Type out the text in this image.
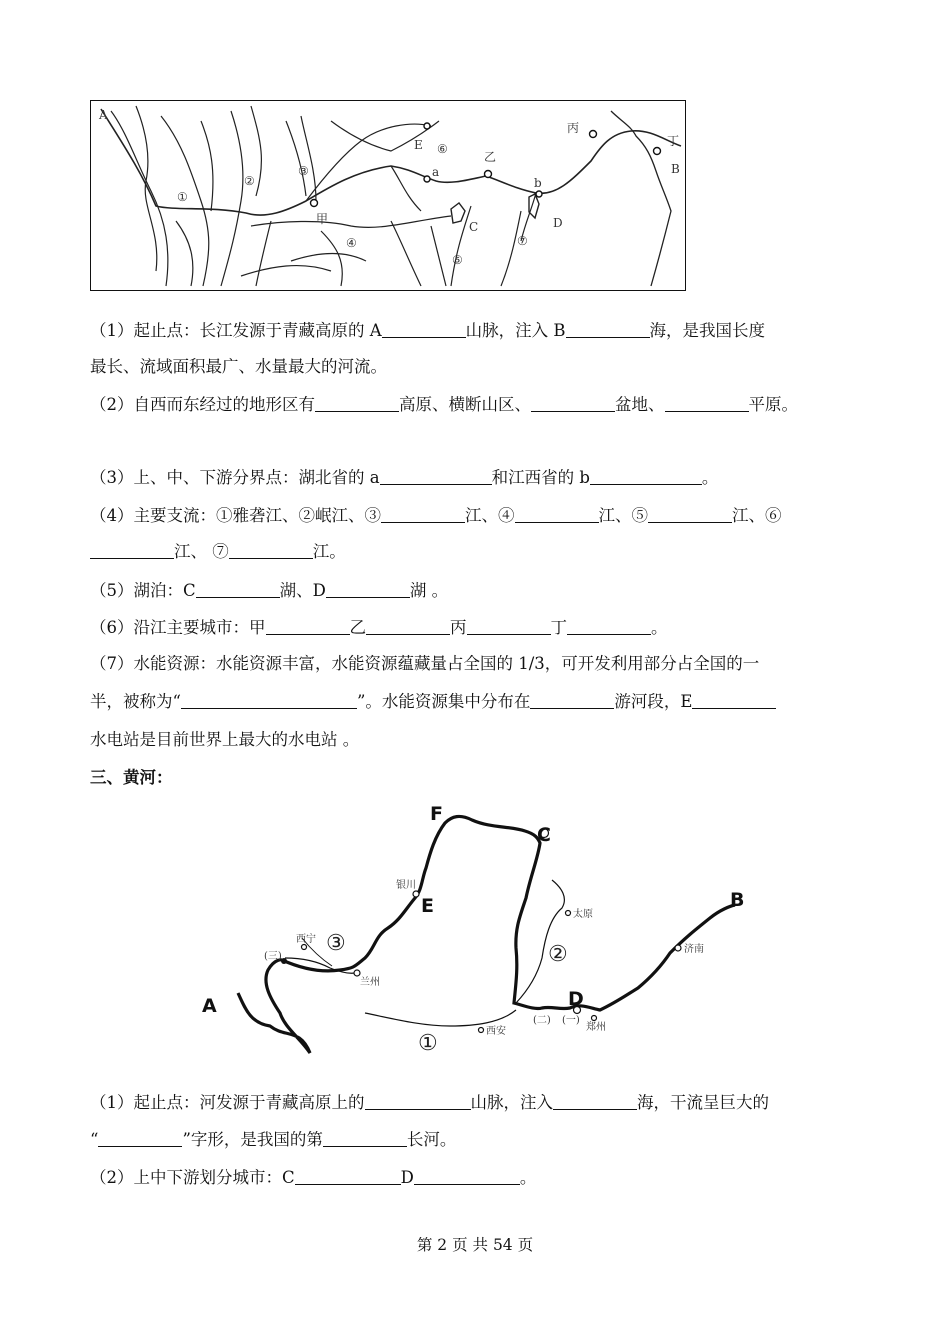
A
B
C	D
E
a
b
甲
乙
丙
丁
①
②
③
④
⑤
⑥
⑦
（1）起止点：长江发源于青藏高原的 A	山脉，注入 B	海，是我国长度
最长、流域面积最广、水量最大的河流。
（2）自西而东经过的地形区有	高原、横断山区、	盆地、	平原。
（3）上、中、下游分界点：湖北省的 a	和江西省的 b	。
（4）主要支流：①雅砻江、②岷江、③	江、④	江、⑤	江、⑥
江、 ⑦	江。
（5）湖泊：C	湖、D	湖 。
（6）沿江主要城市：甲	乙	丙	丁	。
（7）水能资源：水能资源丰富，水能资源蕴藏量占全国的 1/3，可开发利用部分占全国的一
半，被称为“	”。水能资源集中分布在	游河段，E
水电站是目前世界上最大的水电站 。
三、黄河：
A
B
C
D
E
F
①
②
③
银川
太原
济南
西宁
兰州
西安	郑州
(一)
(二)
(三)
（1）起止点：河发源于青藏高原上的	山脉，注入	海，干流呈巨大的
“	”字形，是我国的第	长河。
（2）上中下游划分城市：C	D	。
第 2 页 共 54 页
